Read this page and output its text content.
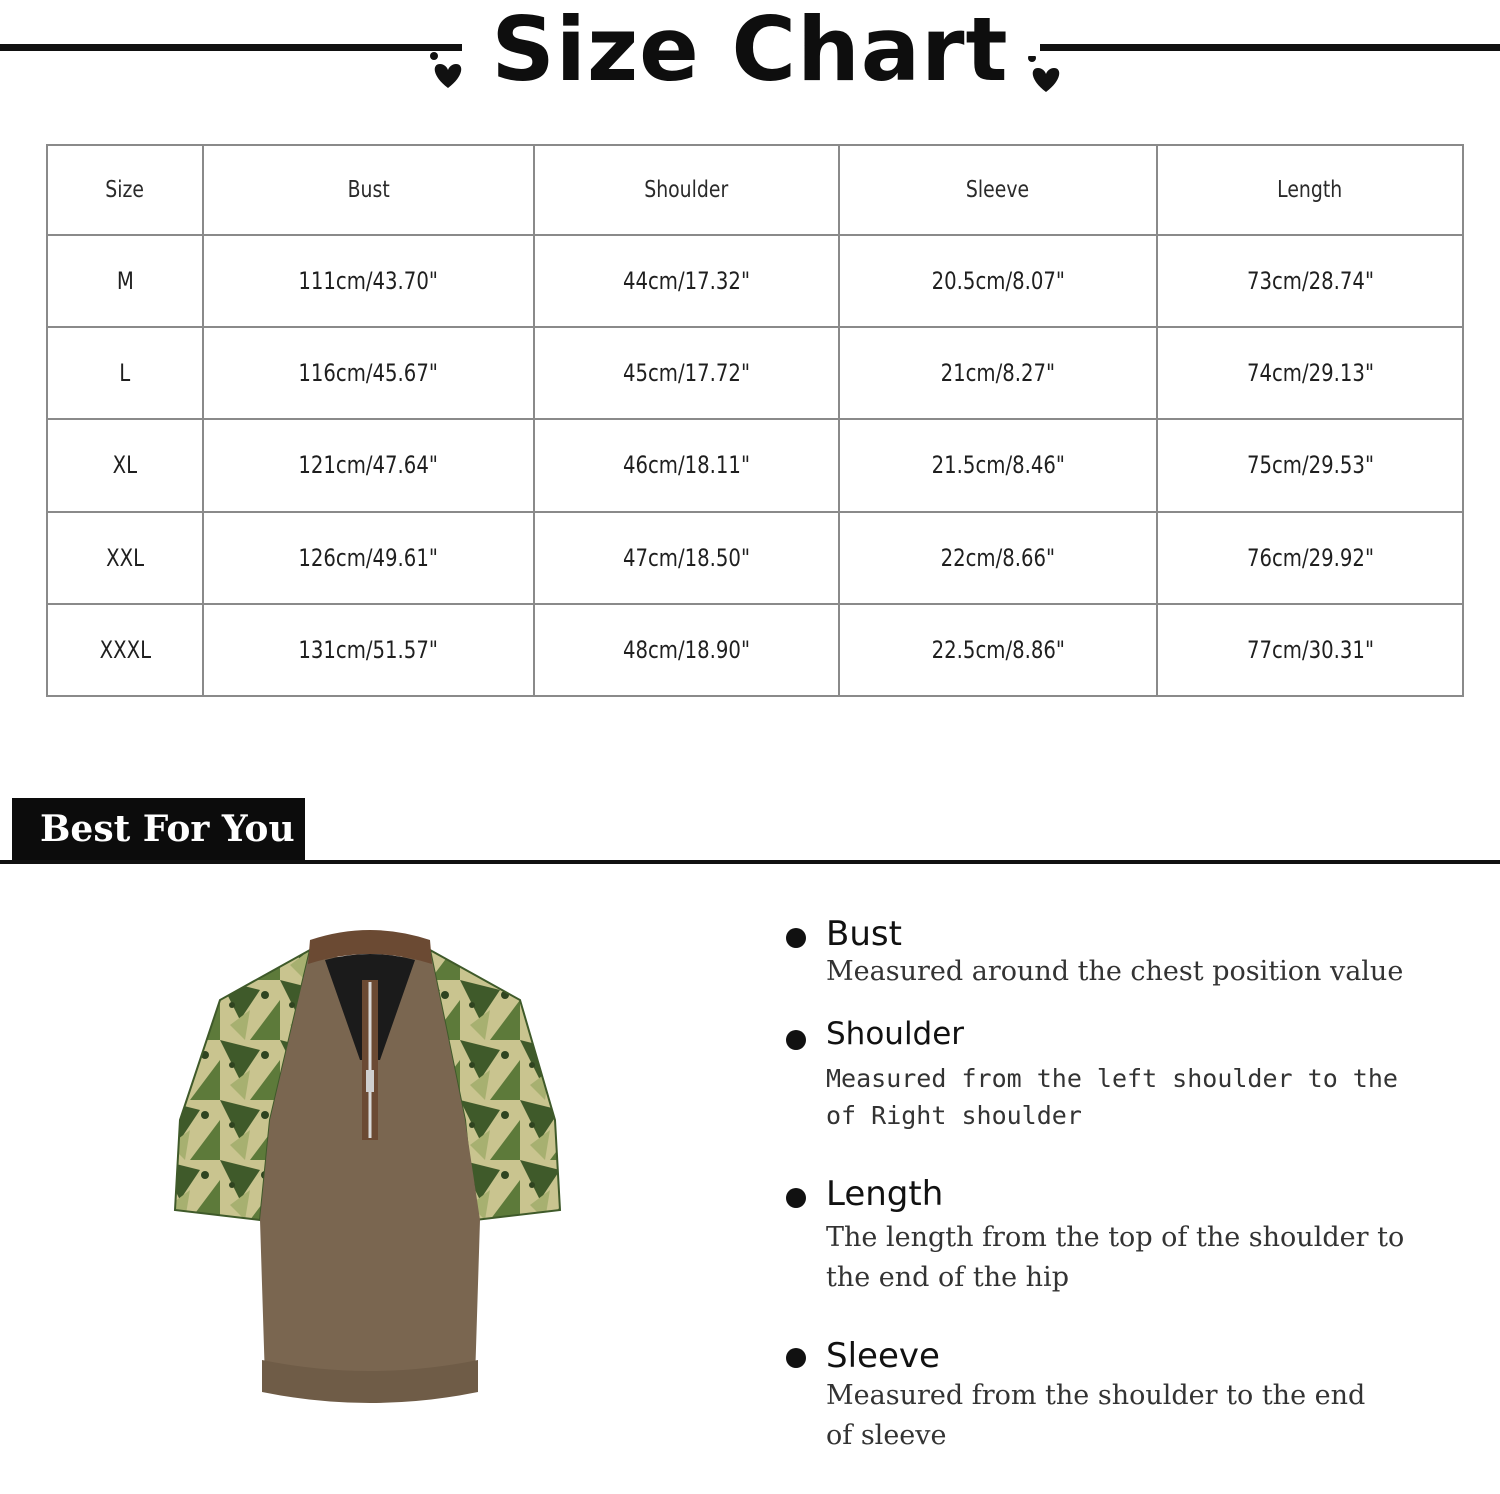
Size Chart
Size	Bust	Shoulder	Sleeve	Length
M	111cm/43.70"	44cm/17.32"	20.5cm/8.07"	73cm/28.74"
L	116cm/45.67"	45cm/17.72"	21cm/8.27"	74cm/29.13"
XL	121cm/47.64"	46cm/18.11"	21.5cm/8.46"	75cm/29.53"
XXL	126cm/49.61"	47cm/18.50"	22cm/8.66"	76cm/29.92"
XXXL	131cm/51.57"	48cm/18.90"	22.5cm/8.86"	77cm/30.31"
Best For You
Bust
Measured around the chest position value
Shoulder
Measured from the left shoulder to the
of Right shoulder
Length
The length from the top of the shoulder to
the end of the hip
Sleeve
Measured from the shoulder to the end
of sleeve
